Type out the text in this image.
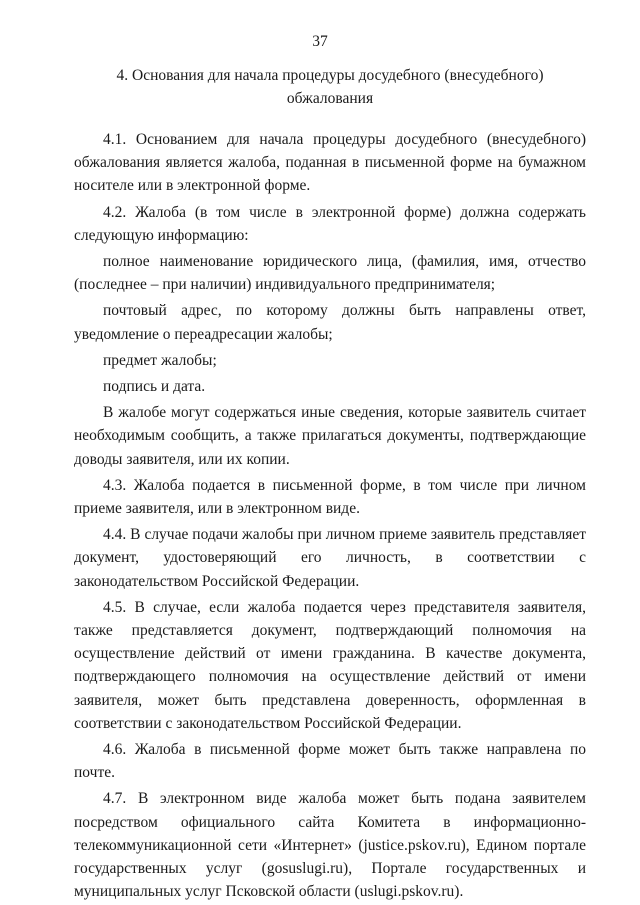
37
4. Основания для начала процедуры досудебного (внесудебного) обжалования

4.1. Основанием для начала процедуры досудебного (внесудебного) обжалования является жалоба, поданная в письменной форме на бумажном носителе или в электронной форме.

4.2. Жалоба (в том числе в электронной форме) должна содержать следующую информацию:

полное наименование юридического лица, (фамилия, имя, отчество (последнее – при наличии) индивидуального предпринимателя;

почтовый адрес, по которому должны быть направлены ответ, уведомление о переадресации жалобы;

предмет жалобы;

подпись и дата.

В жалобе могут содержаться иные сведения, которые заявитель считает необходимым сообщить, а также прилагаться документы, подтверждающие доводы заявителя, или их копии.

4.3. Жалоба подается в письменной форме, в том числе при личном приеме заявителя, или в электронном виде.

4.4. В случае подачи жалобы при личном приеме заявитель представляет документ, удостоверяющий его личность, в соответствии с законодательством Российской Федерации.

4.5. В случае, если жалоба подается через представителя заявителя, также представляется документ, подтверждающий полномочия на осуществление действий от имени гражданина. В качестве документа, подтверждающего полномочия на осуществление действий от имени заявителя, может быть представлена доверенность, оформленная в соответствии с законодательством Российской Федерации.

4.6. Жалоба в письменной форме может быть также направлена по почте.

4.7. В электронном виде жалоба может быть подана заявителем посредством официального сайта Комитета в информационно-телекоммуникационной сети «Интернет» (justice.pskov.ru), Едином портале государственных услуг (gosuslugi.ru), Портале государственных и муниципальных услуг Псковской области (uslugi.pskov.ru).
